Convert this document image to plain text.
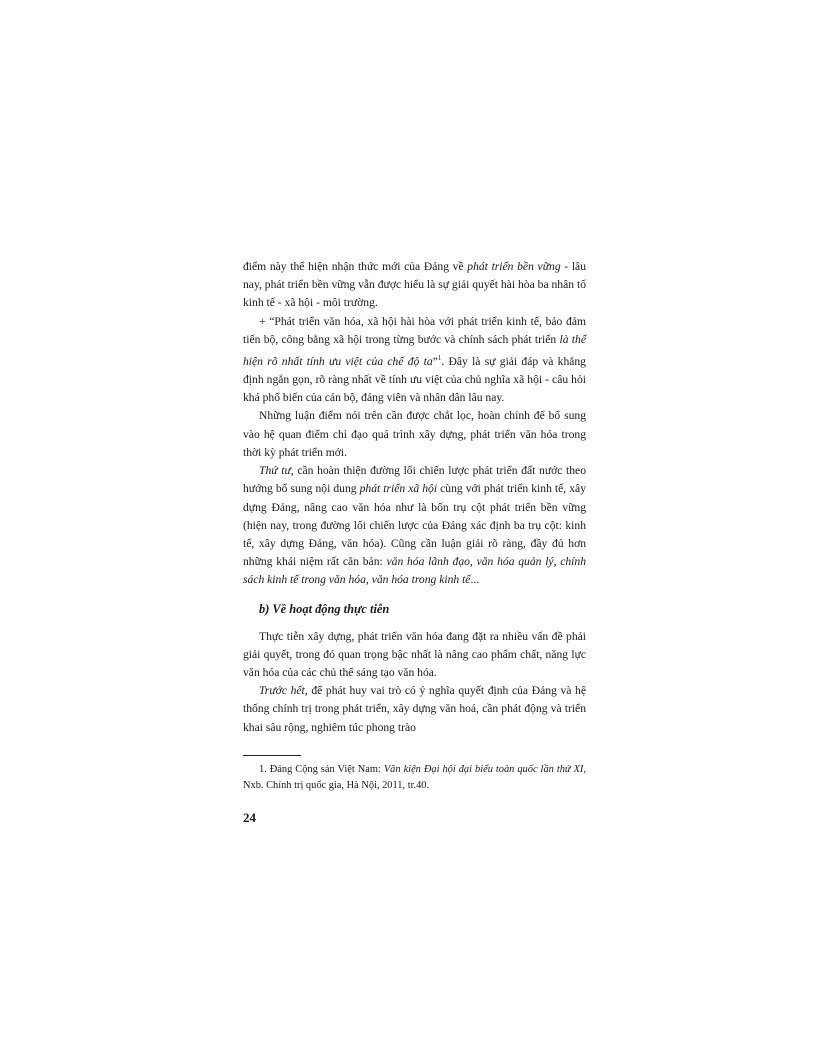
điểm này thể hiện nhận thức mới của Đảng về phát triển bền vững - lâu nay, phát triển bền vững vẫn được hiểu là sự giải quyết hài hòa ba nhân tố kinh tế - xã hội - môi trường.

+ “Phát triển văn hóa, xã hội hài hòa với phát triển kinh tế, bảo đảm tiến bộ, công bằng xã hội trong từng bước và chính sách phát triển là thể hiện rõ nhất tính ưu việt của chế độ ta”$^1$. Đây là sự giải đáp và khẳng định ngắn gọn, rõ ràng nhất về tính ưu việt của chủ nghĩa xã hội - câu hỏi khá phổ biến của cán bộ, đảng viên và nhân dân lâu nay.

Những luận điểm nói trên cần được chắt lọc, hoàn chỉnh để bổ sung vào hệ quan điểm chỉ đạo quá trình xây dựng, phát triển văn hóa trong thời kỳ phát triển mới.

Thứ tư, cần hoàn thiện đường lối chiến lược phát triển đất nước theo hướng bổ sung nội dung phát triển xã hội cùng với phát triển kinh tế, xây dựng Đảng, nâng cao văn hóa như là bốn trụ cột phát triển bền vững (hiện nay, trong đường lối chiến lược của Đảng xác định ba trụ cột: kinh tế, xây dựng Đảng, văn hóa). Cũng cần luận giải rõ ràng, đầy đủ hơn những khái niệm rất căn bản: văn hóa lãnh đạo, văn hóa quản lý, chính sách kinh tế trong văn hóa, văn hóa trong kinh tế...

b) Về hoạt động thực tiễn

Thực tiễn xây dựng, phát triển văn hóa đang đặt ra nhiều vấn đề phải giải quyết, trong đó quan trọng bậc nhất là nâng cao phẩm chất, năng lực văn hóa của các chủ thể sáng tạo văn hóa.

Trước hết, để phát huy vai trò có ý nghĩa quyết định của Đảng và hệ thống chính trị trong phát triển, xây dựng văn hoá, cần phát động và triển khai sâu rộng, nghiêm túc phong trào

1. Đảng Cộng sản Việt Nam: Văn kiện Đại hội đại biểu toàn quốc lần thứ XI, Nxb. Chính trị quốc gia, Hà Nội, 2011, tr.40.

24
